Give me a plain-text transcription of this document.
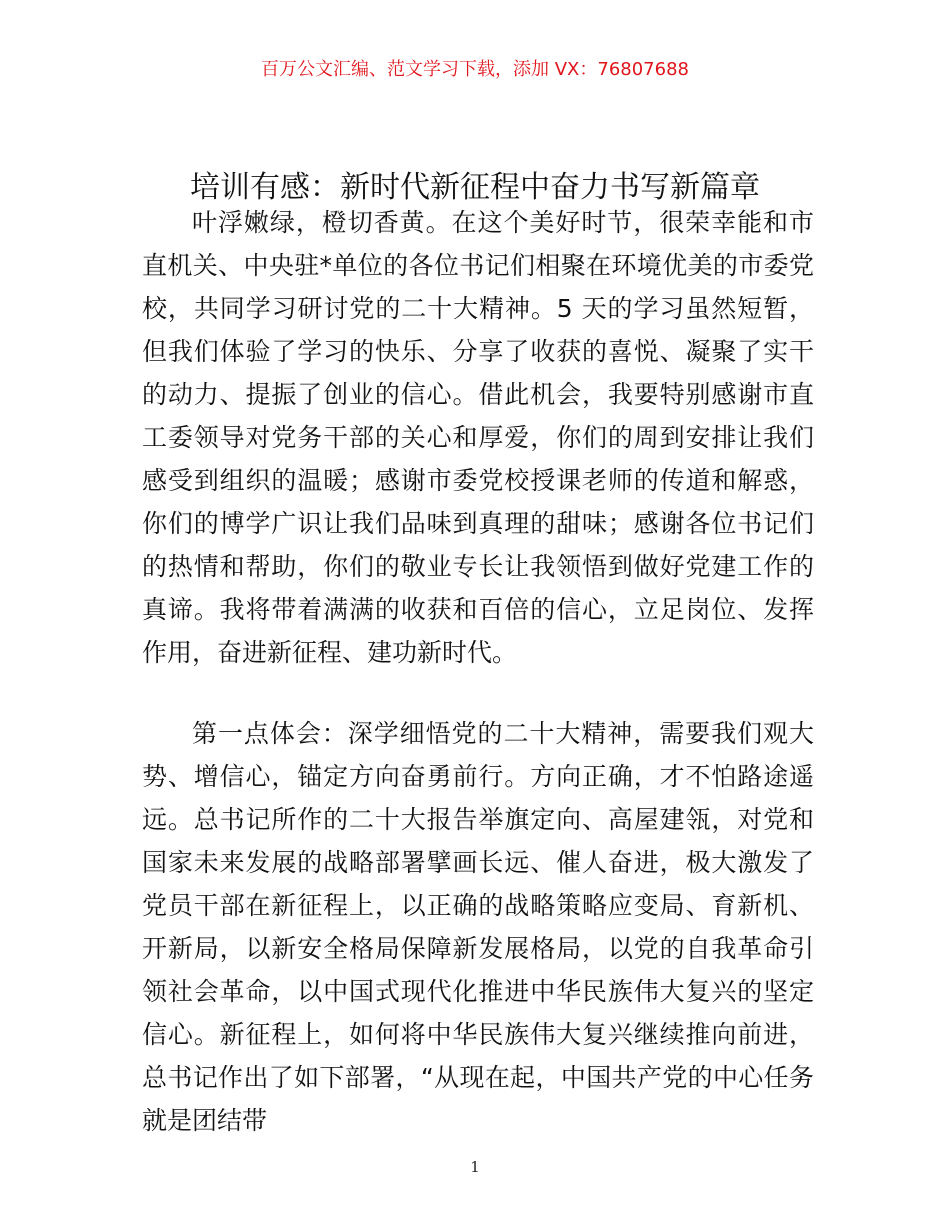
百万公文汇编、范文学习下载，添加 VX：76807688
培训有感：新时代新征程中奋力书写新篇章

叶浮嫩绿，橙切香黄。在这个美好时节，很荣幸能和市直机关、中央驻*单位的各位书记们相聚在环境优美的市委党校，共同学习研讨党的二十大精神。5 天的学习虽然短暂，但我们体验了学习的快乐、分享了收获的喜悦、凝聚了实干的动力、提振了创业的信心。借此机会，我要特别感谢市直工委领导对党务干部的关心和厚爱，你们的周到安排让我们感受到组织的温暖；感谢市委党校授课老师的传道和解惑，你们的博学广识让我们品味到真理的甜味；感谢各位书记们的热情和帮助，你们的敬业专长让我领悟到做好党建工作的真谛。我将带着满满的收获和百倍的信心，立足岗位、发挥作用，奋进新征程、建功新时代。

第一点体会：深学细悟党的二十大精神，需要我们观大势、增信心，锚定方向奋勇前行。方向正确，才不怕路途遥远。总书记所作的二十大报告举旗定向、高屋建瓴，对党和国家未来发展的战略部署擘画长远、催人奋进，极大激发了党员干部在新征程上，以正确的战略策略应变局、育新机、开新局，以新安全格局保障新发展格局，以党的自我革命引领社会革命，以中国式现代化推进中华民族伟大复兴的坚定信心。新征程上，如何将中华民族伟大复兴继续推向前进，总书记作出了如下部署，“从现在起，中国共产党的中心任务就是团结带

1
